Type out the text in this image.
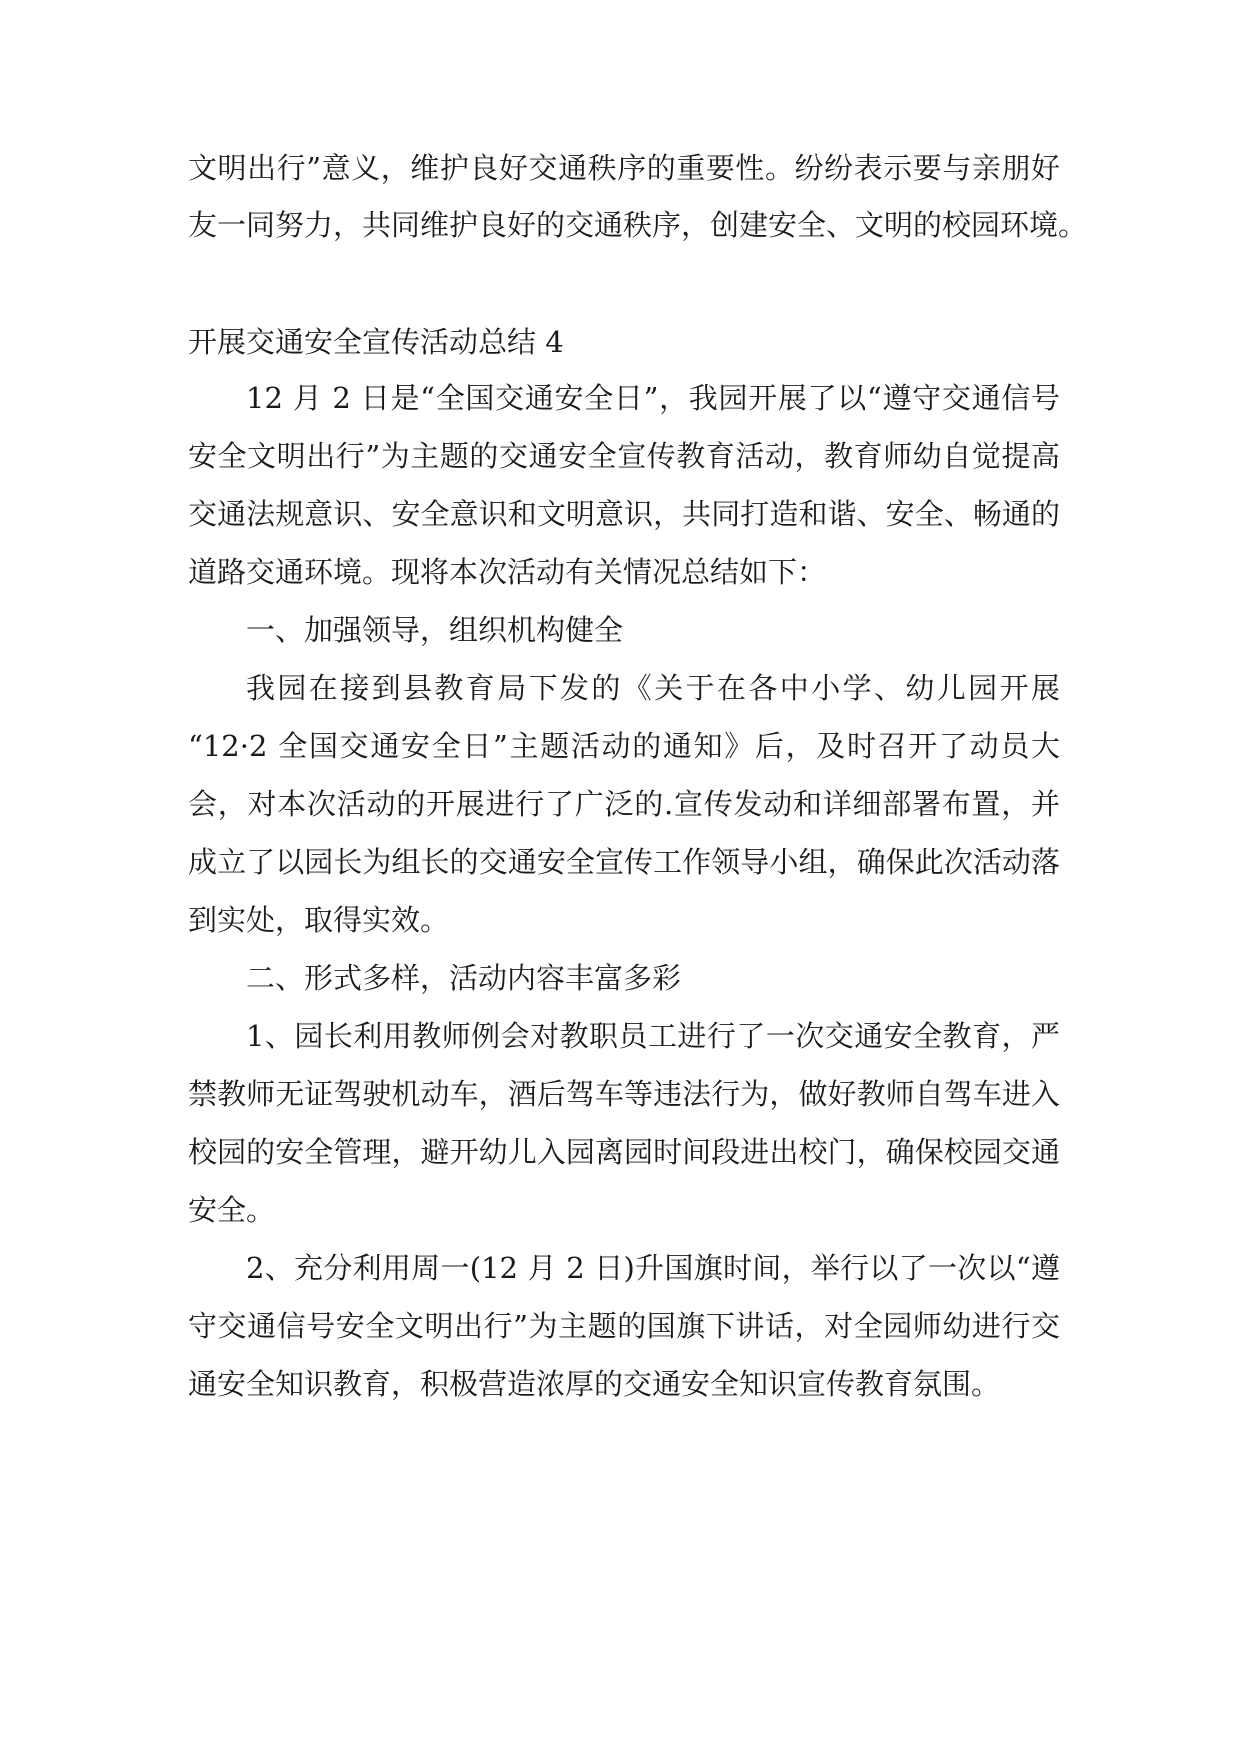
文明出行”意义，维护良好交通秩序的重要性。纷纷表示要与亲朋好
友一同努力，共同维护良好的交通秩序，创建安全、文明的校园环境。
开展交通安全宣传活动总结 4
12 月 2 日是“全国交通安全日”，我园开展了以“遵守交通信号
安全文明出行”为主题的交通安全宣传教育活动，教育师幼自觉提高
交通法规意识、安全意识和文明意识，共同打造和谐、安全、畅通的
道路交通环境。现将本次活动有关情况总结如下：
一、加强领导，组织机构健全
我园在接到县教育局下发的《关于在各中小学、幼儿园开展
“12·2 全国交通安全日”主题活动的通知》后，及时召开了动员大
会，对本次活动的开展进行了广泛的.宣传发动和详细部署布置，并
成立了以园长为组长的交通安全宣传工作领导小组，确保此次活动落
到实处，取得实效。
二、形式多样，活动内容丰富多彩
1、园长利用教师例会对教职员工进行了一次交通安全教育，严
禁教师无证驾驶机动车，酒后驾车等违法行为，做好教师自驾车进入
校园的安全管理，避开幼儿入园离园时间段进出校门，确保校园交通
安全。
2、充分利用周一(12 月 2 日)升国旗时间，举行以了一次以“遵
守交通信号安全文明出行”为主题的国旗下讲话，对全园师幼进行交
通安全知识教育，积极营造浓厚的交通安全知识宣传教育氛围。
